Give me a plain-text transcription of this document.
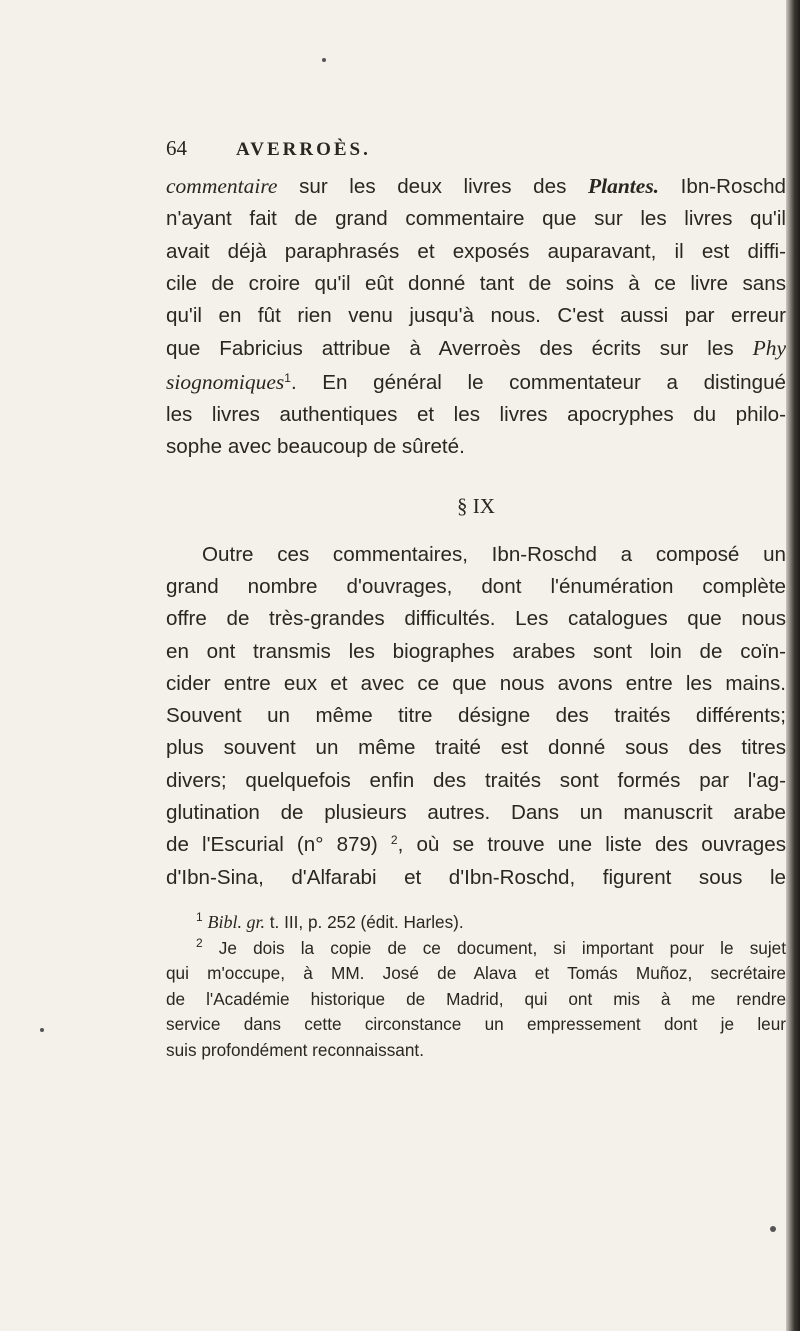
64	AVERROÈS.
commentaire sur les deux livres des Plantes. Ibn-Roschd
n'ayant fait de grand commentaire que sur les livres qu'il
avait déjà paraphrasés et exposés auparavant, il est diffi-
cile de croire qu'il eût donné tant de soins à ce livre sans
qu'il en fût rien venu jusqu'à nous. C'est aussi par erreur
que Fabricius attribue à Averroès des écrits sur les Phy
siognomiques$^1$. En général le commentateur a distingué
les livres authentiques et les livres apocryphes du philo-
sophe avec beaucoup de sûreté.
§ IX
Outre ces commentaires, Ibn-Roschd a composé un
grand nombre d'ouvrages, dont l'énumération complète
offre de très-grandes difficultés. Les catalogues que nous
en ont transmis les biographes arabes sont loin de coïn-
cider entre eux et avec ce que nous avons entre les mains.
Souvent un même titre désigne des traités différents;
plus souvent un même traité est donné sous des titres
divers; quelquefois enfin des traités sont formés par l'ag-
glutination de plusieurs autres. Dans un manuscrit arabe
de l'Escurial (n° 879) $^2$, où se trouve une liste des ouvrages
d'Ibn-Sina, d'Alfarabi et d'Ibn-Roschd, figurent sous le
$^1$ Bibl. gr. t. III, p. 252 (édit. Harles).
$^2$ Je dois la copie de ce document, si important pour le sujet
qui m'occupe, à MM. José de Alava et Tomás Muñoz, secrétaire
de l'Académie historique de Madrid, qui ont mis à me rendre
service dans cette circonstance un empressement dont je leur
suis profondément reconnaissant.
